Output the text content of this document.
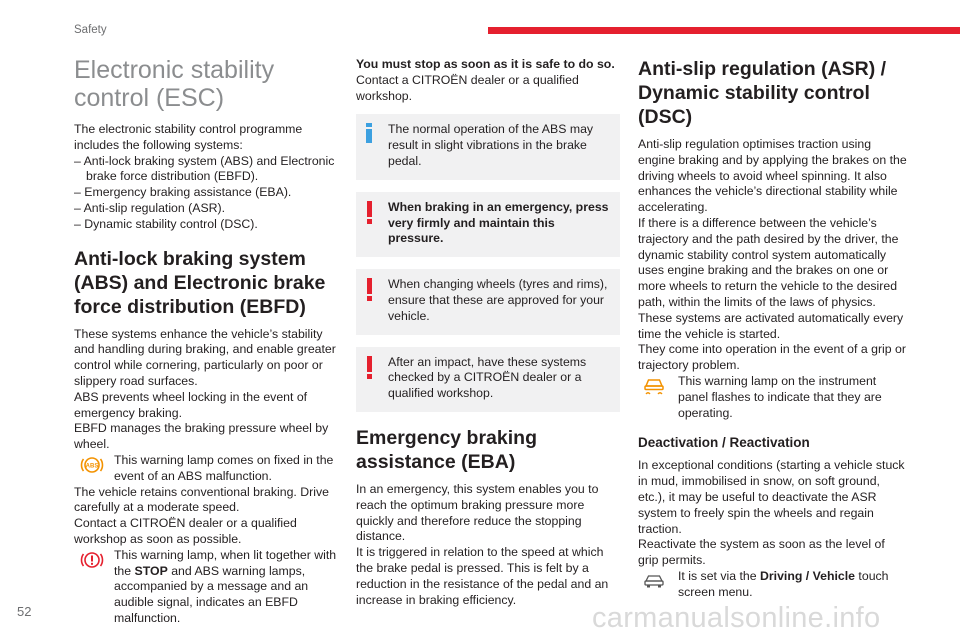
Safety
Electronic stability control (ESC)

The electronic stability control programme includes the following systems:

– Anti-lock braking system (ABS) and Electronic brake force distribution (EBFD).

– Emergency braking assistance (EBA).

– Anti-slip regulation (ASR).

– Dynamic stability control (DSC).

Anti-lock braking system (ABS) and Electronic brake force distribution (EBFD)

These systems enhance the vehicle’s stability and handling during braking, and enable greater control while cornering, particularly on poor or slippery road surfaces.

ABS prevents wheel locking in the event of emergency braking.

EBFD manages the braking pressure wheel by wheel.

ABS	This warning lamp comes on fixed in the event of an ABS malfunction.

The vehicle retains conventional braking. Drive carefully at a moderate speed.

Contact a CITROËN dealer or a qualified workshop as soon as possible.

This warning lamp, when lit together with the STOP and ABS warning lamps, accompanied by a message and an audible signal, indicates an EBFD malfunction.

You must stop as soon as it is safe to do so.

Contact a CITROËN dealer or a qualified workshop.

The normal operation of the ABS may result in slight vibrations in the brake pedal.

When braking in an emergency, press very firmly and maintain this pressure.

When changing wheels (tyres and rims), ensure that these are approved for your vehicle.

After an impact, have these systems checked by a CITROËN dealer or a qualified workshop.

Emergency braking assistance (EBA)

In an emergency, this system enables you to reach the optimum braking pressure more quickly and therefore reduce the stopping distance.

It is triggered in relation to the speed at which the brake pedal is pressed. This is felt by a reduction in the resistance of the pedal and an increase in braking efficiency.

Anti-slip regulation (ASR) / Dynamic stability control (DSC)

Anti-slip regulation optimises traction using engine braking and by applying the brakes on the driving wheels to avoid wheel spinning. It also enhances the vehicle’s directional stability while accelerating.

If there is a difference between the vehicle’s trajectory and the path desired by the driver, the dynamic stability control system automatically uses engine braking and the brakes on one or more wheels to return the vehicle to the desired path, within the limits of the laws of physics.

These systems are activated automatically every time the vehicle is started.

They come into operation in the event of a grip or trajectory problem.

This warning lamp on the instrument panel flashes to indicate that they are operating.

Deactivation / Reactivation

In exceptional conditions (starting a vehicle stuck in mud, immobilised in snow, on soft ground, etc.), it may be useful to deactivate the ASR system to freely spin the wheels and regain traction.

Reactivate the system as soon as the level of grip permits.

It is set via the Driving / Vehicle touch screen menu.

52	carmanualsonline.info
